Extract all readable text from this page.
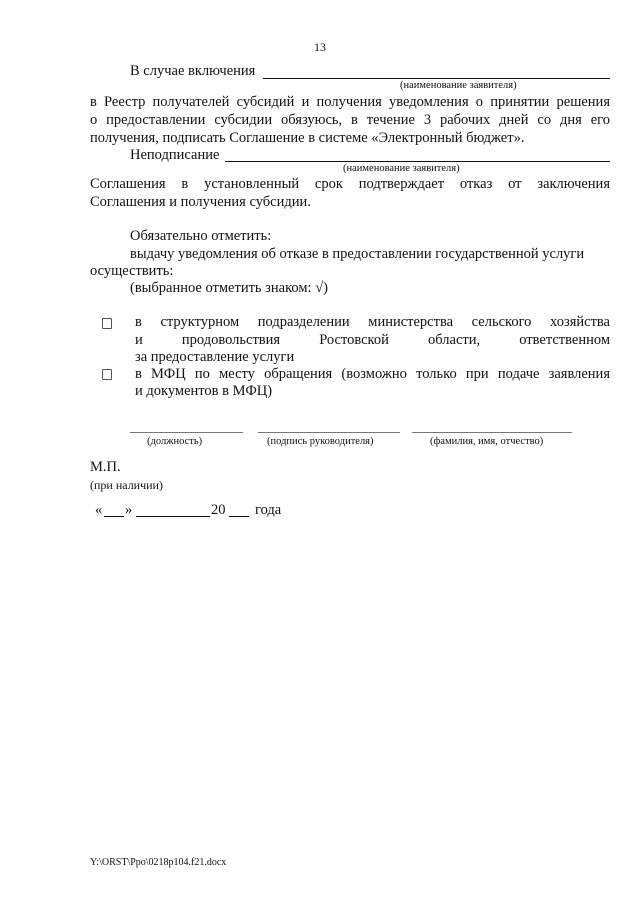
13
В случае включения
(наименование заявителя)
в Реестр получателей субсидий и получения уведомления о принятии решения
о предоставлении субсидии обязуюсь, в течение 3 рабочих дней со дня его
получения, подписать Соглашение в системе «Электронный бюджет».
Неподписание
(наименование заявителя)
Соглашения в установленный срок подтверждает отказ от заключения
Соглашения и получения субсидии.
Обязательно отметить:
выдачу уведомления об отказе в предоставлении государственной услуги
осуществить:
(выбранное отметить знаком: √)
в структурном подразделении министерства сельского хозяйства
и продовольствия Ростовской области, ответственном
за предоставление услуги
в МФЦ по месту обращения (возможно только при подаче заявления
и документов в МФЦ)
(должность)	(подпись руководителя)	(фамилия, имя, отчество)
М.П.
(при наличии)
« »	20 года
Y:\ORST\Ppo\0218p104.f21.docx
